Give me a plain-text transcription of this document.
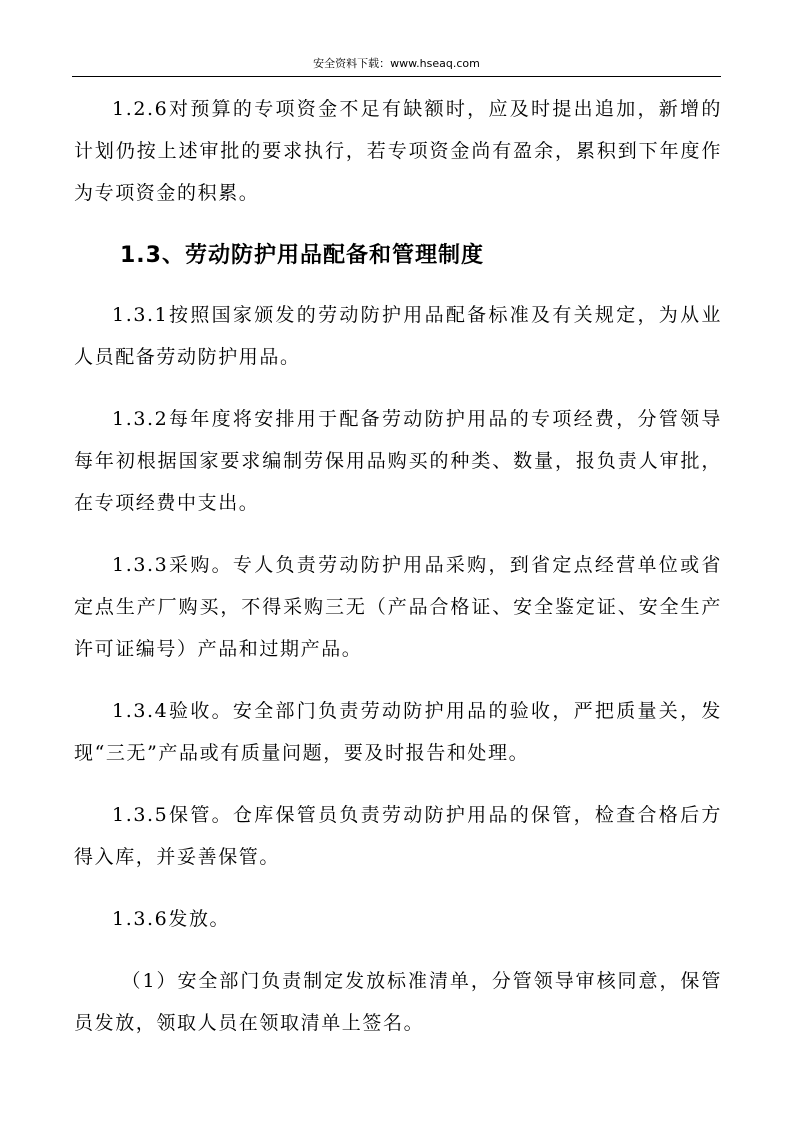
安全资料下载：www.hseaq.com

1.2.6对预算的专项资金不足有缺额时，应及时提出追加，新增的计划仍按上述审批的要求执行，若专项资金尚有盈余，累积到下年度作为专项资金的积累。

1.3、劳动防护用品配备和管理制度

1.3.1按照国家颁发的劳动防护用品配备标准及有关规定，为从业人员配备劳动防护用品。

1.3.2每年度将安排用于配备劳动防护用品的专项经费，分管领导每年初根据国家要求编制劳保用品购买的种类、数量，报负责人审批，在专项经费中支出。

1.3.3采购。专人负责劳动防护用品采购，到省定点经营单位或省定点生产厂购买，不得采购三无（产品合格证、安全鉴定证、安全生产许可证编号）产品和过期产品。

1.3.4验收。安全部门负责劳动防护用品的验收，严把质量关，发现“三无”产品或有质量问题，要及时报告和处理。

1.3.5保管。仓库保管员负责劳动防护用品的保管，检查合格后方得入库，并妥善保管。

1.3.6发放。

（1）安全部门负责制定发放标准清单，分管领导审核同意，保管员发放，领取人员在领取清单上签名。
